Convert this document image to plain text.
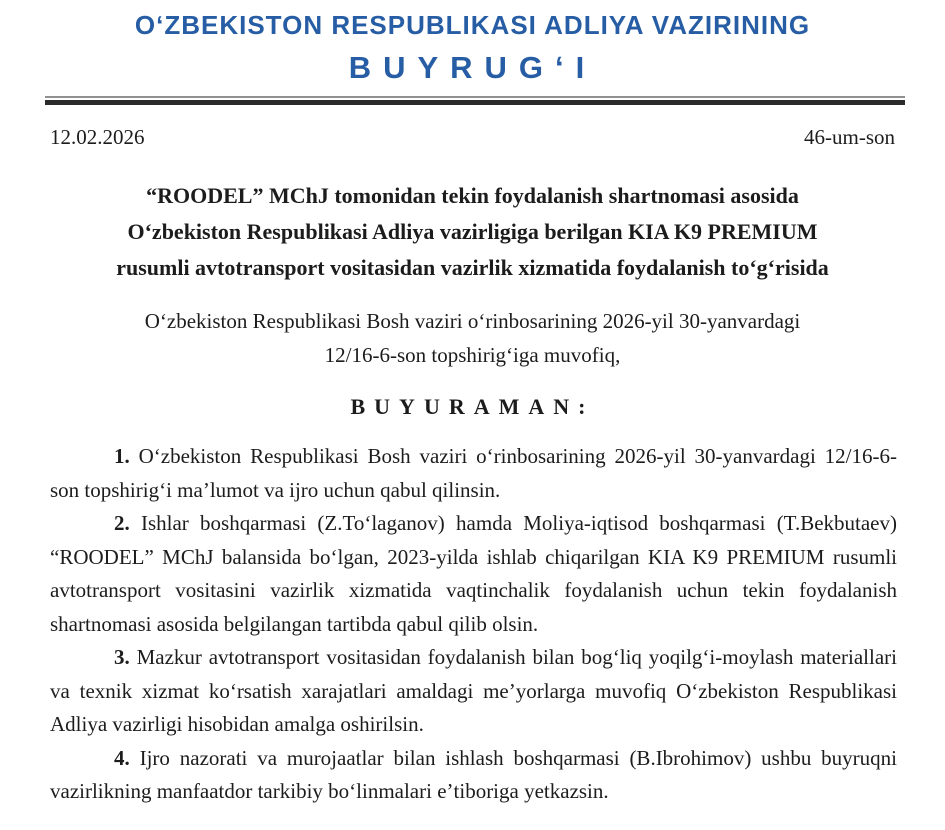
OʻZBEKISTON RESPUBLIKASI ADLIYA VAZIRINING
BUYRUGʻI
12.02.2026	46-um-son
“ROODEL” MChJ tomonidan tekin foydalanish shartnomasi asosida
Oʻzbekiston Respublikasi Adliya vazirligiga berilgan KIA K9 PREMIUM
rusumli avtotransport vositasidan vazirlik xizmatida foydalanish toʻgʻrisida
Oʻzbekiston Respublikasi Bosh vaziri oʻrinbosarining 2026-yil 30-yanvardagi
12/16-6-son topshirigʻiga muvofiq,
BUYURAMAN:

1. Oʻzbekiston Respublikasi Bosh vaziri oʻrinbosarining 2026-yil 30-yanvardagi 12/16-6-son topshirigʻi maʼlumot va ijro uchun qabul qilinsin.

2. Ishlar boshqarmasi (Z.Toʻlaganov) hamda Moliya-iqtisod boshqarmasi (T.Bekbutaev) “ROODEL” MChJ balansida boʻlgan, 2023-yilda ishlab chiqarilgan KIA K9 PREMIUM rusumli avtotransport vositasini vazirlik xizmatida vaqtinchalik foydalanish uchun tekin foydalanish shartnomasi asosida belgilangan tartibda qabul qilib olsin.

3. Mazkur avtotransport vositasidan foydalanish bilan bogʻliq yoqilgʻi-moylash materiallari va texnik xizmat koʻrsatish xarajatlari amaldagi meʼyorlarga muvofiq Oʻzbekiston Respublikasi Adliya vazirligi hisobidan amalga oshirilsin.

4. Ijro nazorati va murojaatlar bilan ishlash boshqarmasi (B.Ibrohimov) ushbu buyruqni vazirlikning manfaatdor tarkibiy boʻlinmalari eʼtiboriga yetkazsin.
